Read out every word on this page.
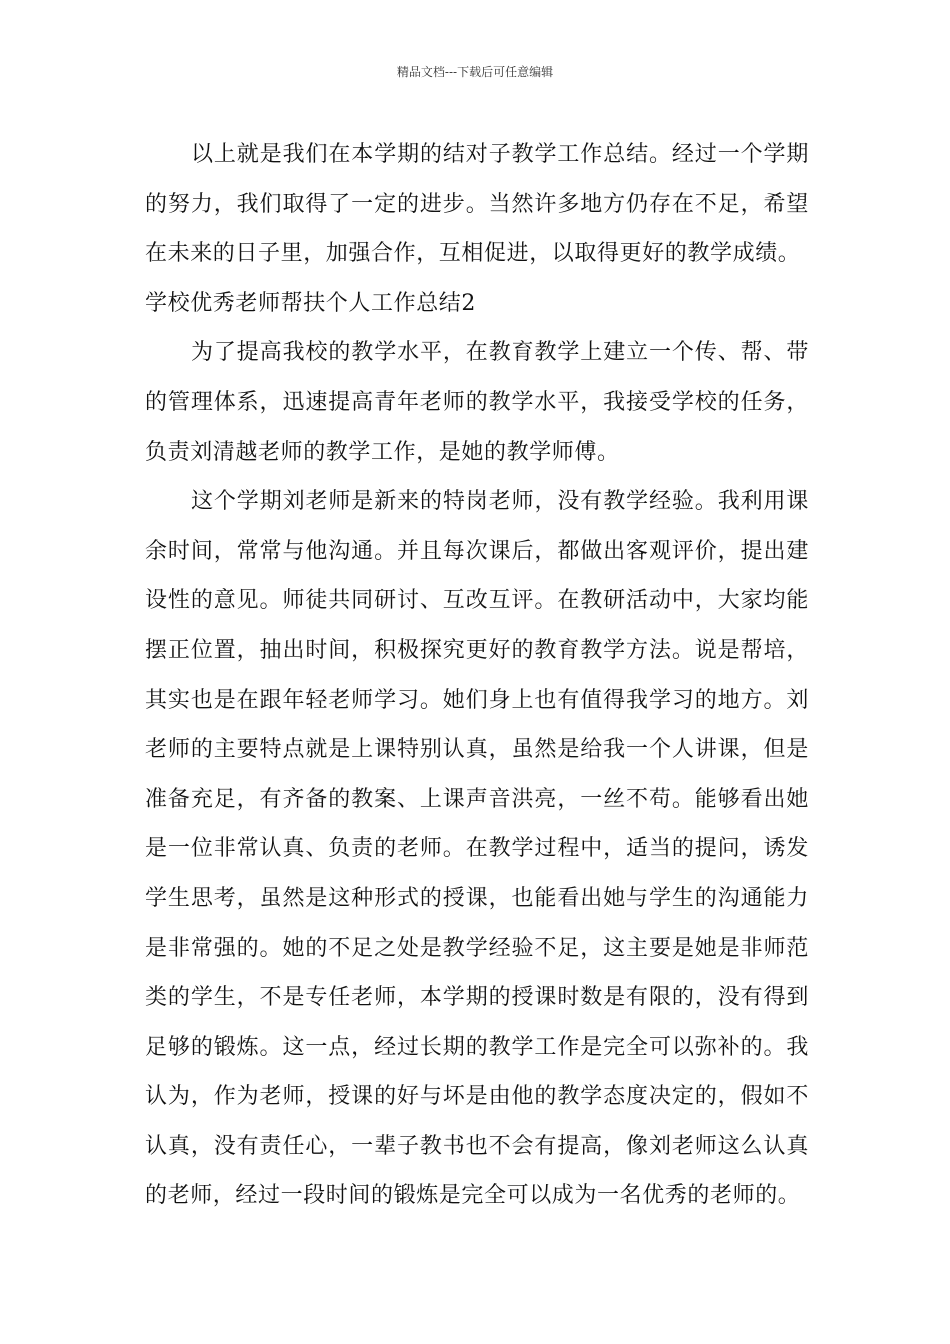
精品文档---下载后可任意编辑

以上就是我们在本学期的结对子教学工作总结。经过一个学期的努力，我们取得了一定的进步。当然许多地方仍存在不足，希望在未来的日子里，加强合作，互相促进，以取得更好的教学成绩。

学校优秀老师帮扶个人工作总结2

为了提高我校的教学水平，在教育教学上建立一个传、帮、带的管理体系，迅速提高青年老师的教学水平，我接受学校的任务，负责刘清越老师的教学工作，是她的教学师傅。

这个学期刘老师是新来的特岗老师，没有教学经验。我利用课余时间，常常与他沟通。并且每次课后，都做出客观评价，提出建设性的意见。师徒共同研讨、互改互评。在教研活动中，大家均能摆正位置，抽出时间，积极探究更好的教育教学方法。说是帮培，其实也是在跟年轻老师学习。她们身上也有值得我学习的地方。刘老师的主要特点就是上课特别认真，虽然是给我一个人讲课，但是准备充足，有齐备的教案、上课声音洪亮，一丝不苟。能够看出她是一位非常认真、负责的老师。在教学过程中，适当的提问，诱发学生思考，虽然是这种形式的授课，也能看出她与学生的沟通能力是非常强的。她的不足之处是教学经验不足，这主要是她是非师范类的学生，不是专任老师，本学期的授课时数是有限的，没有得到足够的锻炼。这一点，经过长期的教学工作是完全可以弥补的。我认为，作为老师，授课的好与坏是由他的教学态度决定的，假如不认真，没有责任心，一辈子教书也不会有提高，像刘老师这么认真的老师，经过一段时间的锻炼是完全可以成为一名优秀的老师的。
